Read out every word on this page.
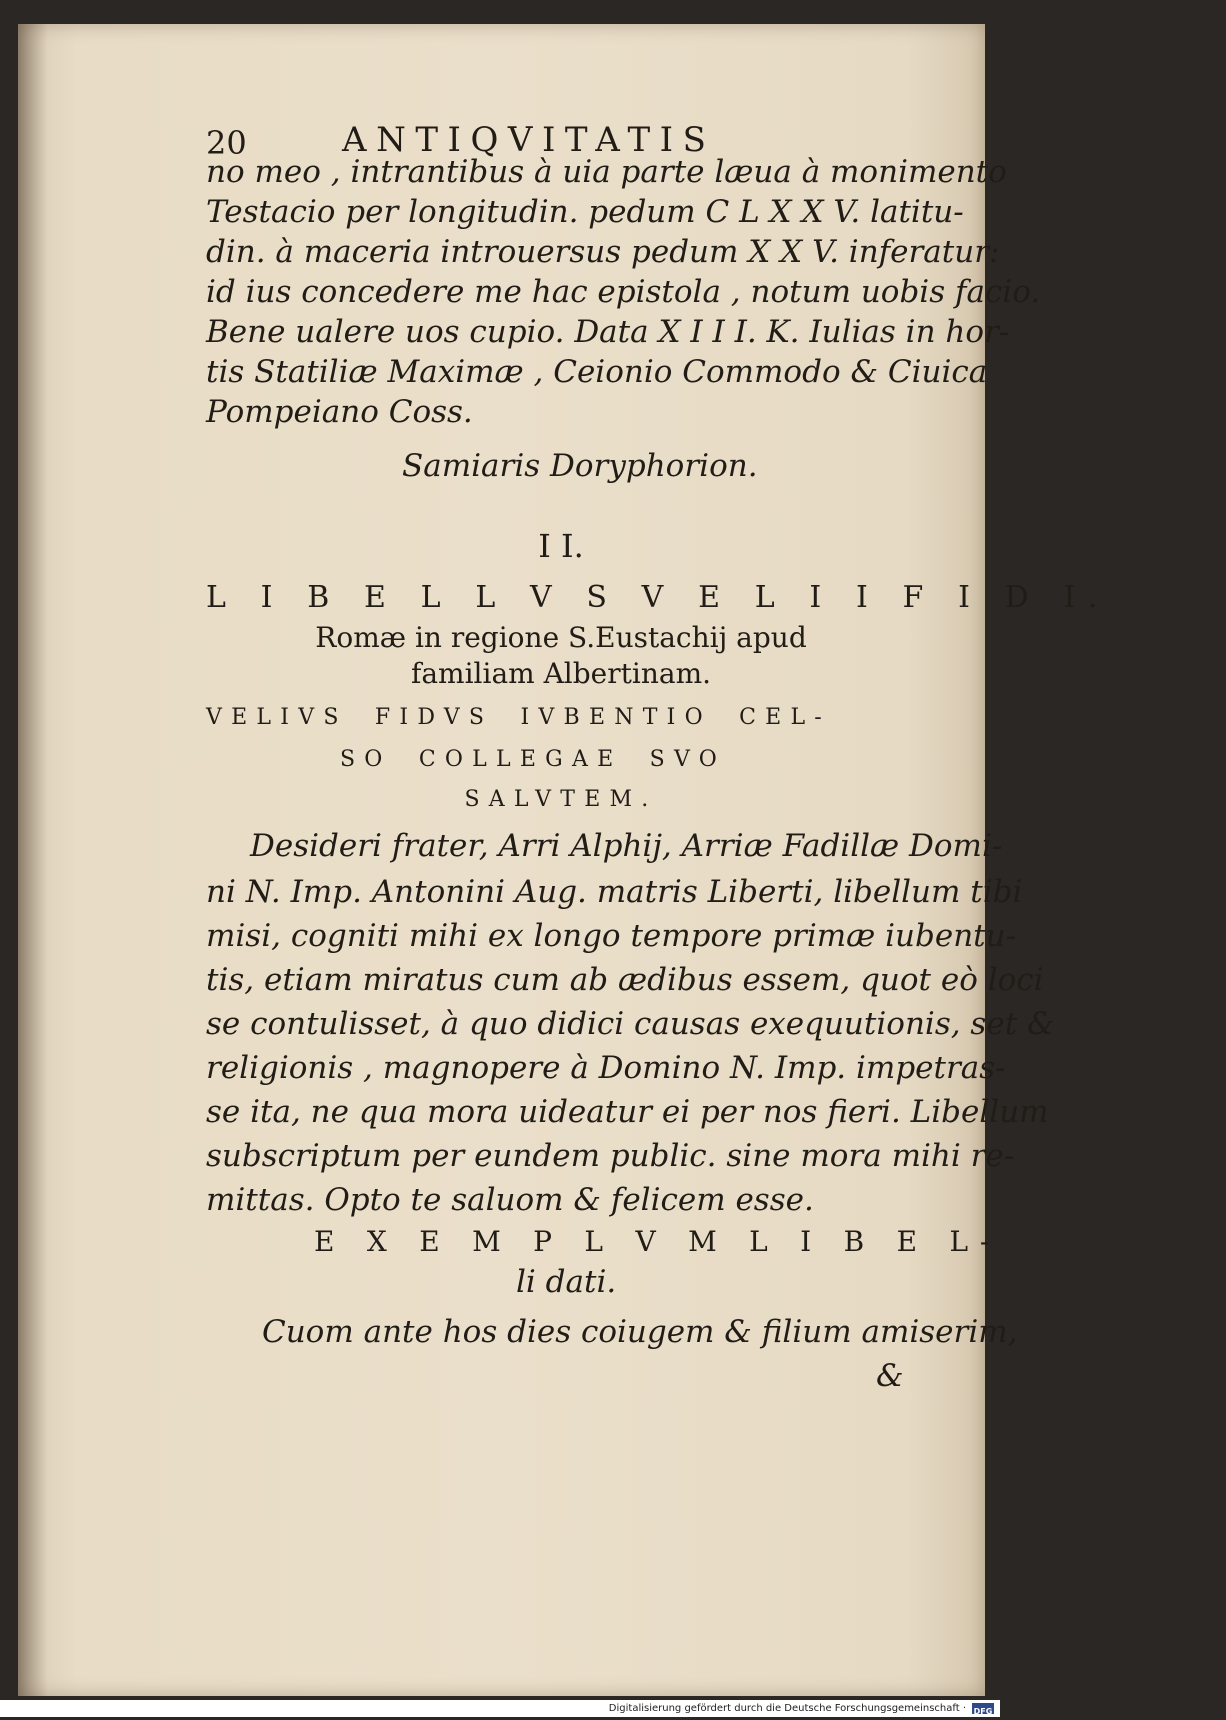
20	ANTIQVITATIS
no meo , intrantibus à uia parte læua à monimento
Testacio per longitudin. pedum C L X X V. latitu-
din. à maceria introuersus pedum X X V. inferatur:
id ius concedere me hac epistola , notum uobis facio.
Bene ualere uos cupio. Data X I I I. K. Iulias in hor-
tis Statiliæ Maximæ , Ceionio Commodo & Ciuica
Pompeiano Coss.
Samiaris Doryphorion.
I I.
L I B E L L V S V E L I I F I D I.
Romæ in regione S.Eustachij apud
familiam Albertinam.
VELIVS FIDVS IVBENTIO CEL-
SO COLLEGAE SVO
SALVTEM.
Desideri frater, Arri Alphij, Arriæ Fadillæ Domi-
ni N. Imp. Antonini Aug. matris Liberti, libellum tibi
misi, cogniti mihi ex longo tempore primæ iubentu-
tis, etiam miratus cum ab ædibus essem, quot eò loci
se contulisset, à quo didici causas exequutionis, set &
religionis , magnopere à Domino N. Imp. impetras-
se ita, ne qua mora uideatur ei per nos fieri. Libellum
subscriptum per eundem public. sine mora mihi re-
mittas. Opto te saluom & felicem esse.
E X E M P L V M L I B E L-
li dati.
Cuom ante hos dies coiugem & filium amiserim,
&
Digitalisierung gefördert durch die Deutsche Forschungsgemeinschaft · DFG
